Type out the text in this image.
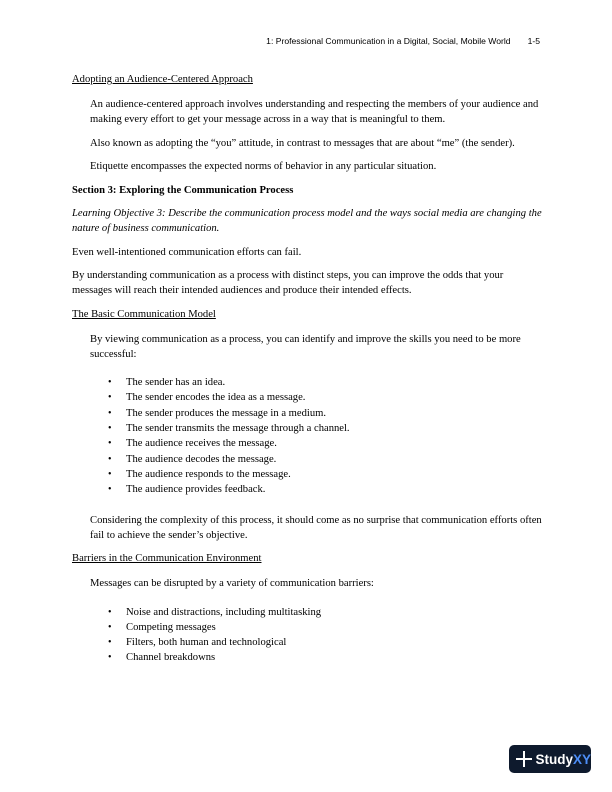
1: Professional Communication in a Digital, Social, Mobile World 1-5

Adopting an Audience-Centered Approach

An audience-centered approach involves understanding and respecting the members of your audience and making every effort to get your message across in a way that is meaningful to them.

Also known as adopting the “you” attitude, in contrast to messages that are about “me” (the sender).

Etiquette encompasses the expected norms of behavior in any particular situation.

Section 3: Exploring the Communication Process

Learning Objective 3: Describe the communication process model and the ways social media are changing the nature of business communication.

Even well-intentioned communication efforts can fail.

By understanding communication as a process with distinct steps, you can improve the odds that your messages will reach their intended audiences and produce their intended effects.

The Basic Communication Model

By viewing communication as a process, you can identify and improve the skills you need to be more successful:

• The sender has an idea.
• The sender encodes the idea as a message.
• The sender produces the message in a medium.
• The sender transmits the message through a channel.
• The audience receives the message.
• The audience decodes the message.
• The audience responds to the message.
• The audience provides feedback.

Considering the complexity of this process, it should come as no surprise that communication efforts often fail to achieve the sender’s objective.

Barriers in the Communication Environment

Messages can be disrupted by a variety of communication barriers:

• Noise and distractions, including multitasking
• Competing messages
• Filters, both human and technological
• Channel breakdowns
Study XY
